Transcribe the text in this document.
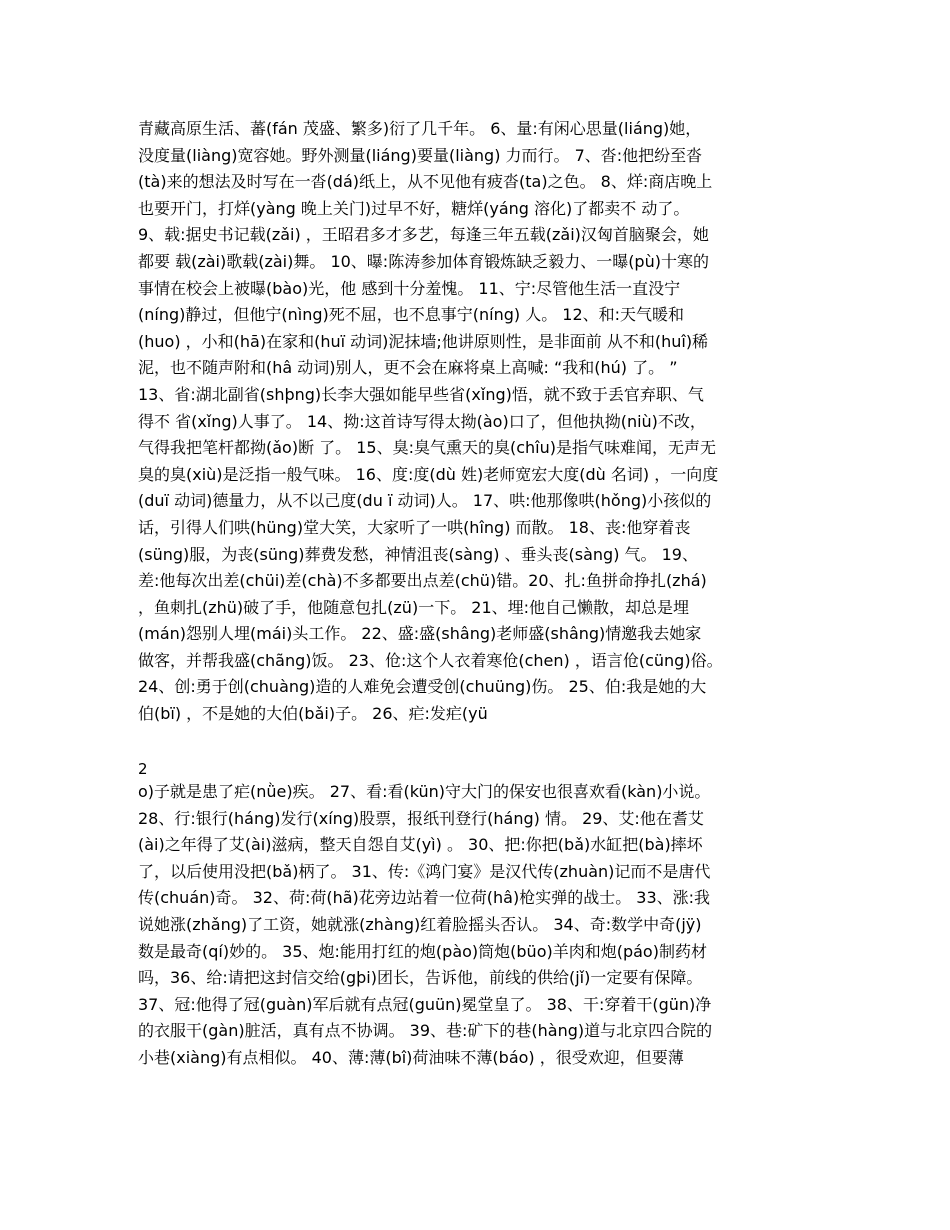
青藏高原生活、蕃(fán 茂盛、繁多)衍了几千年。 6、量:有闲心思量(liáng)她，
没度量(liàng)宽容她。野外测量(liáng)要量(liàng) 力而行。 7、沓:他把纷至沓
(tà)来的想法及时写在一沓(dá)纸上，从不见他有疲沓(ta)之色。 8、烊:商店晚上
也要开门，打烊(yàng 晚上关门)过早不好，糖烊(yáng 溶化)了都卖不 动了。
9、载:据史书记载(zǎi) ，王昭君多才多艺，每逢三年五载(zǎi)汉匈首脑聚会，她
都要 载(zài)歌载(zài)舞。 10、曝:陈涛参加体育锻炼缺乏毅力、一曝(pù)十寒的
事情在校会上被曝(bào)光，他 感到十分羞愧。 11、宁:尽管他生活一直没宁
(níng)静过，但他宁(nìng)死不屈，也不息事宁(níng) 人。 12、和:天气暖和
(huo) ，小和(hā)在家和(huï 动词)泥抹墙;他讲原则性，是非面前 从不和(huî)稀
泥，也不随声附和(hâ 动词)别人，更不会在麻将桌上高喊: “我和(hú) 了。 ”
13、省:湖北副省(shþng)长李大强如能早些省(xǐng)悟，就不致于丢官弃职、气
得不 省(xǐng)人事了。 14、拗:这首诗写得太拗(ào)口了，但他执拗(niù)不改，
气得我把笔杆都拗(ǎo)断 了。 15、臭:臭气熏天的臭(chîu)是指气味难闻，无声无
臭的臭(xiù)是泛指一般气味。 16、度:度(dù 姓)老师宽宏大度(dù 名词) ，一向度
(duï 动词)德量力，从不以己度(du ï 动词)人。 17、哄:他那像哄(hǒng)小孩似的
话，引得人们哄(hüng)堂大笑，大家听了一哄(hîng) 而散。 18、丧:他穿着丧
(süng)服，为丧(süng)葬费发愁，神情沮丧(sàng) 、垂头丧(sàng) 气。 19、
差:他每次出差(chüi)差(chà)不多都要出点差(chü)错。20、扎:鱼拼命挣扎(zhá)
，鱼刺扎(zhü)破了手，他随意包扎(zü)一下。 21、埋:他自己懒散，却总是埋
(mán)怨别人埋(mái)头工作。 22、盛:盛(shâng)老师盛(shâng)情邀我去她家
做客，并帮我盛(chãng)饭。 23、伧:这个人衣着寒伧(chen) ，语言伧(cüng)俗。
24、创:勇于创(chuàng)造的人难免会遭受创(chuüng)伤。 25、伯:我是她的大
伯(bï) ，不是她的大伯(bǎi)子。 26、疟:发疟(yü
2
o)子就是患了疟(nǜe)疾。 27、看:看(kün)守大门的保安也很喜欢看(kàn)小说。
28、行:银行(háng)发行(xíng)股票，报纸刊登行(háng) 情。 29、艾:他在耆艾
(ài)之年得了艾(ài)滋病，整天自怨自艾(yì) 。 30、把:你把(bǎ)水缸把(bà)摔坏
了，以后使用没把(bǎ)柄了。 31、传:《鸿门宴》是汉代传(zhuàn)记而不是唐代
传(chuán)奇。 32、荷:荷(hã)花旁边站着一位荷(hâ)枪实弹的战士。 33、涨:我
说她涨(zhǎng)了工资，她就涨(zhàng)红着脸摇头否认。 34、奇:数学中奇(jÿ)
数是最奇(qí)妙的。 35、炮:能用打红的炮(pào)筒炮(büo)羊肉和炮(páo)制药材
吗，36、给:请把这封信交给(gþi)团长，告诉他，前线的供给(jǐ)一定要有保障。
37、冠:他得了冠(guàn)军后就有点冠(guün)冕堂皇了。 38、干:穿着干(gün)净
的衣服干(gàn)脏活，真有点不协调。 39、巷:矿下的巷(hàng)道与北京四合院的
小巷(xiàng)有点相似。 40、薄:薄(bî)荷油味不薄(báo) ，很受欢迎，但要薄
